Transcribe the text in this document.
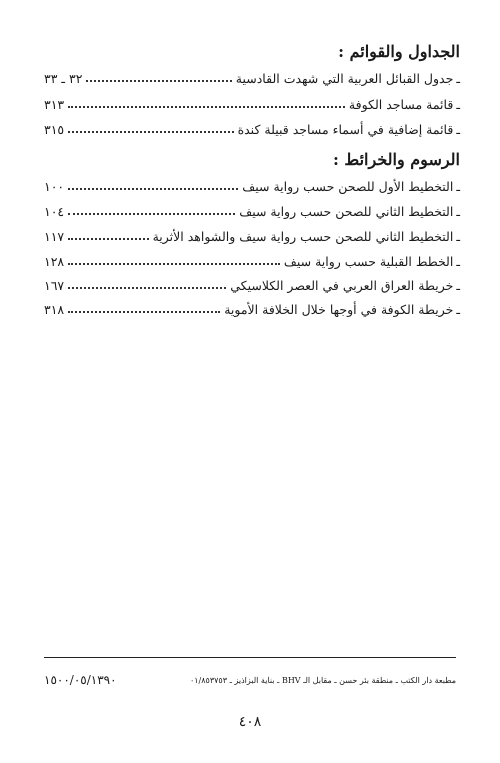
الجداول والقوائم :
ـ
جدول القبائل العربية التي شهدت القادسية
٣٢ ـ ٣٣
ـ
قائمة مساجد الكوفة
٣١٣
ـ
قائمة إضافية في أسماء مساجد قبيلة كندة
٣١٥
الرسوم والخرائط :
ـ
التخطيط الأول للصحن حسب رواية سيف
١٠٠
ـ
التخطيط الثاني للصحن حسب رواية سيف
١٠٤
ـ
التخطيط الثاني للصحن حسب رواية سيف والشواهد الأثرية
١١٧
ـ
الخطط القبلية حسب رواية سيف
١٢٨
ـ
خريطة العراق العربي في العصر الكلاسيكي
١٦٧
ـ
خريطة الكوفة في أوجها خلال الخلافة الأموية
٣١٨
مطبعة دار الكتب ـ منطقة بئر حسن ـ مقابل الـ BHV ـ بناية البزاذيز ـ ٠١/٨٥٣٧٥٣
١٥٠٠/٠٥/١٣٩٠
٤٠٨
